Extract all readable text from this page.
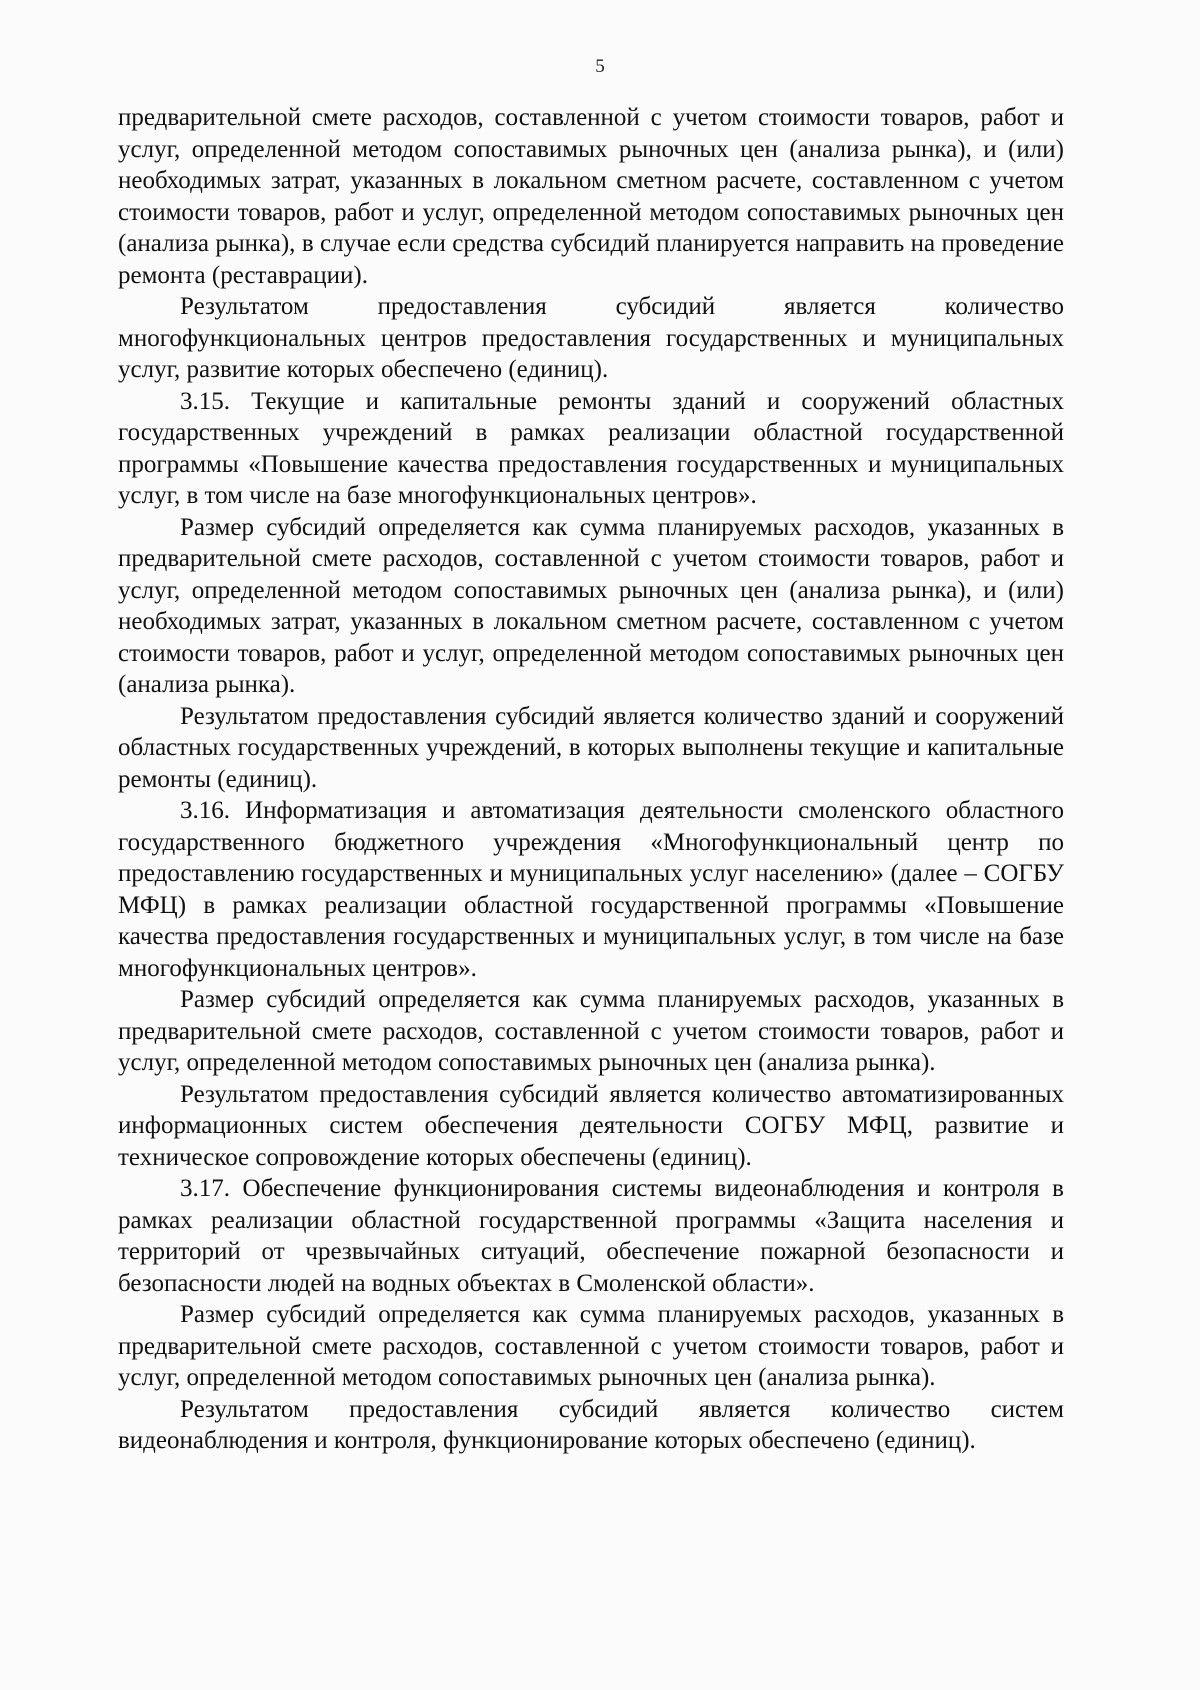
5

предварительной смете расходов, составленной с учетом стоимости товаров, работ и услуг, определенной методом сопоставимых рыночных цен (анализа рынка), и (или) необходимых затрат, указанных в локальном сметном расчете, составленном с учетом стоимости товаров, работ и услуг, определенной методом сопоставимых рыночных цен (анализа рынка), в случае если средства субсидий планируется направить на проведение ремонта (реставрации).

Результатом предоставления субсидий является количество многофункциональных центров предоставления государственных и муниципальных услуг, развитие которых обеспечено (единиц).

3.15. Текущие и капитальные ремонты зданий и сооружений областных государственных учреждений в рамках реализации областной государственной программы «Повышение качества предоставления государственных и муниципальных услуг, в том числе на базе многофункциональных центров».

Размер субсидий определяется как сумма планируемых расходов, указанных в предварительной смете расходов, составленной с учетом стоимости товаров, работ и услуг, определенной методом сопоставимых рыночных цен (анализа рынка), и (или) необходимых затрат, указанных в локальном сметном расчете, составленном с учетом стоимости товаров, работ и услуг, определенной методом сопоставимых рыночных цен (анализа рынка).

Результатом предоставления субсидий является количество зданий и сооружений областных государственных учреждений, в которых выполнены текущие и капитальные ремонты (единиц).

3.16. Информатизация и автоматизация деятельности смоленского областного государственного бюджетного учреждения «Многофункциональный центр по предоставлению государственных и муниципальных услуг населению» (далее – СОГБУ МФЦ) в рамках реализации областной государственной программы «Повышение качества предоставления государственных и муниципальных услуг, в том числе на базе многофункциональных центров».

Размер субсидий определяется как сумма планируемых расходов, указанных в предварительной смете расходов, составленной с учетом стоимости товаров, работ и услуг, определенной методом сопоставимых рыночных цен (анализа рынка).

Результатом предоставления субсидий является количество автоматизированных информационных систем обеспечения деятельности СОГБУ МФЦ, развитие и техническое сопровождение которых обеспечены (единиц).

3.17. Обеспечение функционирования системы видеонаблюдения и контроля в рамках реализации областной государственной программы «Защита населения и территорий от чрезвычайных ситуаций, обеспечение пожарной безопасности и безопасности людей на водных объектах в Смоленской области».

Размер субсидий определяется как сумма планируемых расходов, указанных в предварительной смете расходов, составленной с учетом стоимости товаров, работ и услуг, определенной методом сопоставимых рыночных цен (анализа рынка).

Результатом предоставления субсидий является количество систем видеонаблюдения и контроля, функционирование которых обеспечено (единиц).
